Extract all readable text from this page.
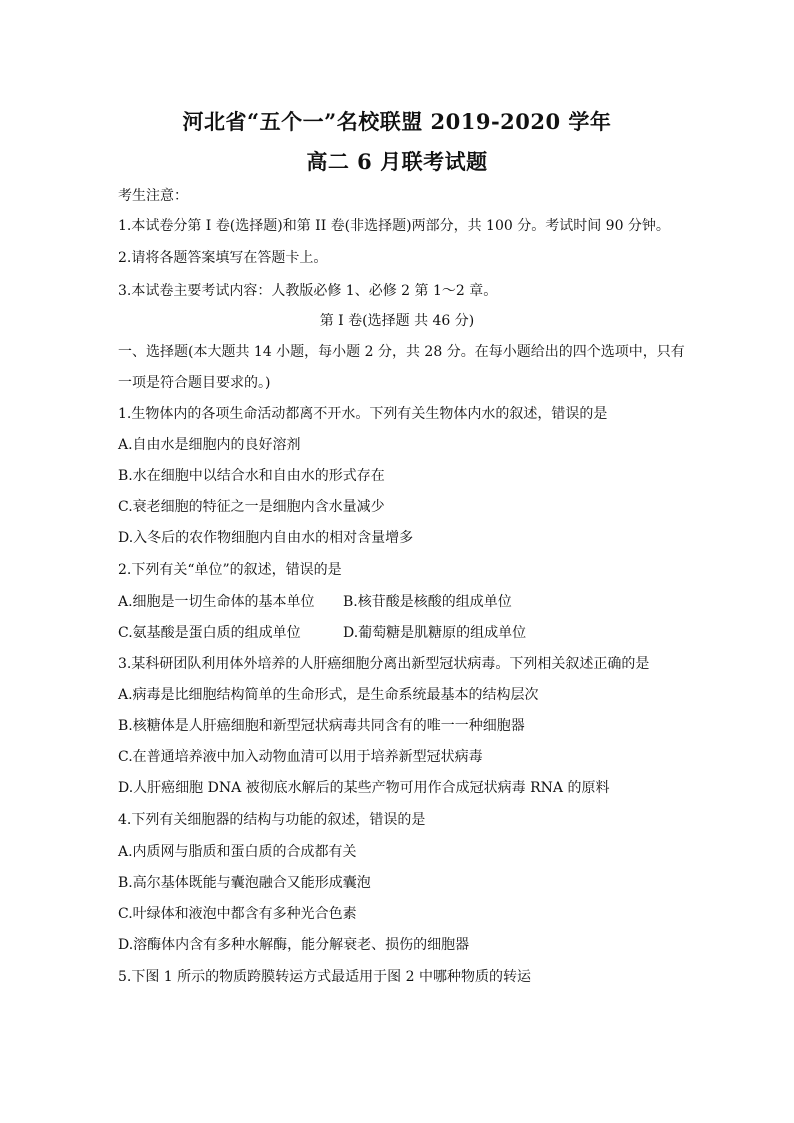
河北省“五个一”名校联盟 2019-2020 学年
高二 6 月联考试题
考生注意：
1.本试卷分第 I 卷(选择题)和第 II 卷(非选择题)两部分，共 100 分。考试时间 90 分钟。
2.请将各题答案填写在答题卡上。
3.本试卷主要考试内容：人教版必修 1、必修 2 第 1～2 章。
第 I 卷(选择题 共 46 分)
一、选择题(本大题共 14 小题，每小题 2 分，共 28 分。在每小题给出的四个选项中，只有
一项是符合题目要求的。)
1.生物体内的各项生命活动都离不开水。下列有关生物体内水的叙述，错误的是
A.自由水是细胞内的良好溶剂
B.水在细胞中以结合水和自由水的形式存在
C.衰老细胞的特征之一是细胞内含水量减少
D.入冬后的农作物细胞内自由水的相对含量增多
2.下列有关“单位”的叙述，错误的是
A.细胞是一切生命体的基本单位 B.核苷酸是核酸的组成单位
C.氨基酸是蛋白质的组成单位	D.葡萄糖是肌糖原的组成单位
3.某科研团队利用体外培养的人肝癌细胞分离出新型冠状病毒。下列相关叙述正确的是
A.病毒是比细胞结构简单的生命形式，是生命系统最基本的结构层次
B.核糖体是人肝癌细胞和新型冠状病毒共同含有的唯一一种细胞器
C.在普通培养液中加入动物血清可以用于培养新型冠状病毒
D.人肝癌细胞 DNA 被彻底水解后的某些产物可用作合成冠状病毒 RNA 的原料
4.下列有关细胞器的结构与功能的叙述，错误的是
A.内质网与脂质和蛋白质的合成都有关
B.高尔基体既能与囊泡融合又能形成囊泡
C.叶绿体和液泡中都含有多种光合色素
D.溶酶体内含有多种水解酶，能分解衰老、损伤的细胞器
5.下图 1 所示的物质跨膜转运方式最适用于图 2 中哪种物质的转运
